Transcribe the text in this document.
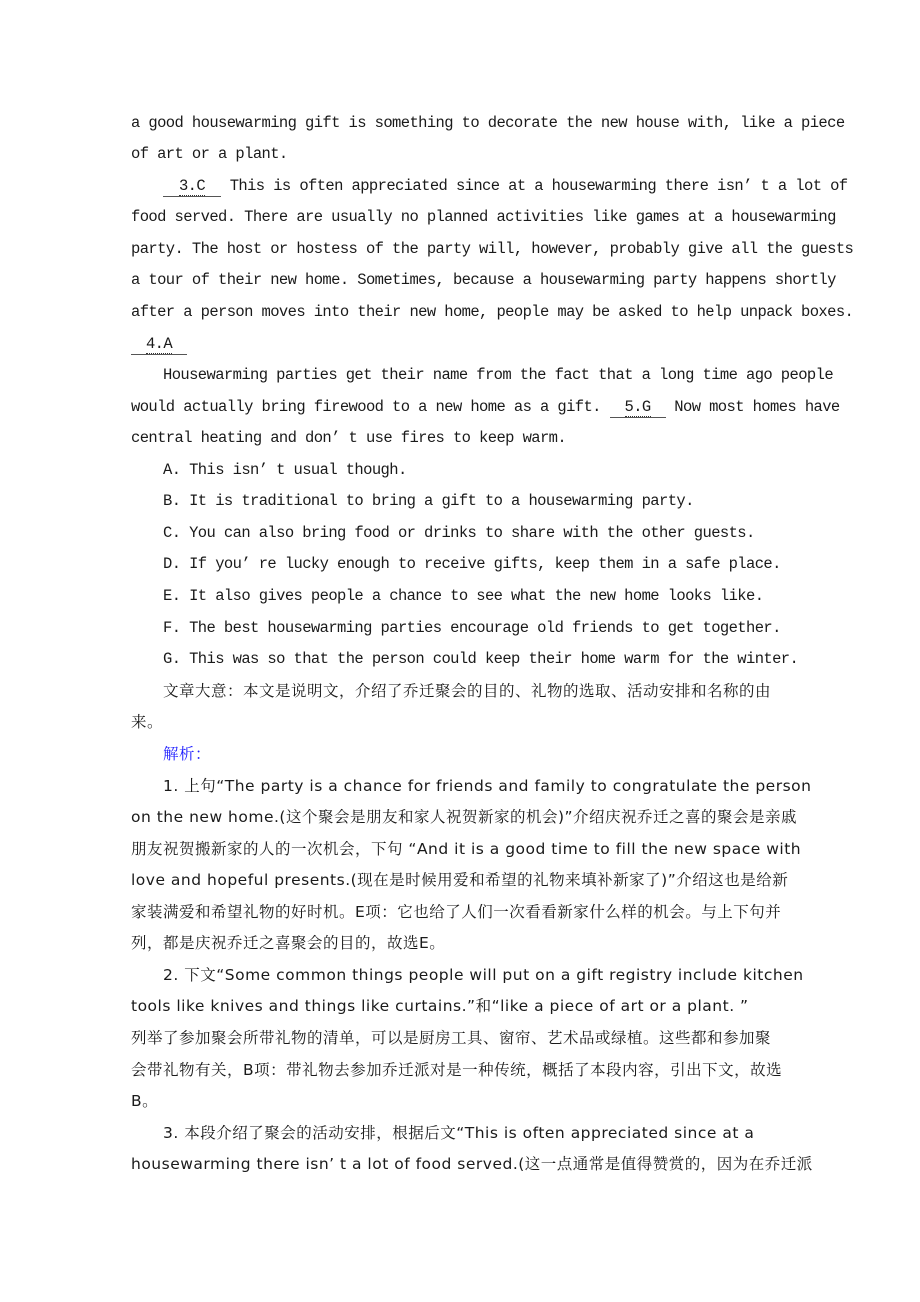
a good housewarming gift is something to decorate the new house with, like a piece
of art or a plant.
3.C This is often appreciated since at a housewarming there isn’ t a lot of
food served. There are usually no planned activities like games at a housewarming
party. The host or hostess of the party will, however, probably give all the guests
a tour of their new home. Sometimes, because a housewarming party happens shortly
after a person moves into their new home, people may be asked to help unpack boxes.
4.A
Housewarming parties get their name from the fact that a long time ago people
would actually bring firewood to a new home as a gift. 5.G Now most homes have
central heating and don’ t use fires to keep warm.
A. This isn’ t usual though.
B. It is traditional to bring a gift to a housewarming party.
C. You can also bring food or drinks to share with the other guests.
D. If you’ re lucky enough to receive gifts, keep them in a safe place.
E. It also gives people a chance to see what the new home looks like.
F. The best housewarming parties encourage old friends to get together.
G. This was so that the person could keep their home warm for the winter.
文章大意：本文是说明文，介绍了乔迁聚会的目的、礼物的选取、活动安排和名称的由
来。
解析：
1. 上句“The party is a chance for friends and family to congratulate the person
on the new home.(这个聚会是朋友和家人祝贺新家的机会)”介绍庆祝乔迁之喜的聚会是亲戚
朋友祝贺搬新家的人的一次机会，下句 “And it is a good time to fill the new space with
love and hopeful presents.(现在是时候用爱和希望的礼物来填补新家了)”介绍这也是给新
家装满爱和希望礼物的好时机。E项：它也给了人们一次看看新家什么样的机会。与上下句并
列，都是庆祝乔迁之喜聚会的目的，故选E。
2. 下文“Some common things people will put on a gift registry include kitchen
tools like knives and things like curtains.”和“like a piece of art or a plant. ”
列举了参加聚会所带礼物的清单，可以是厨房工具、窗帘、艺术品或绿植。这些都和参加聚
会带礼物有关，B项：带礼物去参加乔迁派对是一种传统，概括了本段内容，引出下文，故选
B。
3. 本段介绍了聚会的活动安排，根据后文“This is often appreciated since at a
housewarming there isn’ t a lot of food served.(这一点通常是值得赞赏的，因为在乔迁派
